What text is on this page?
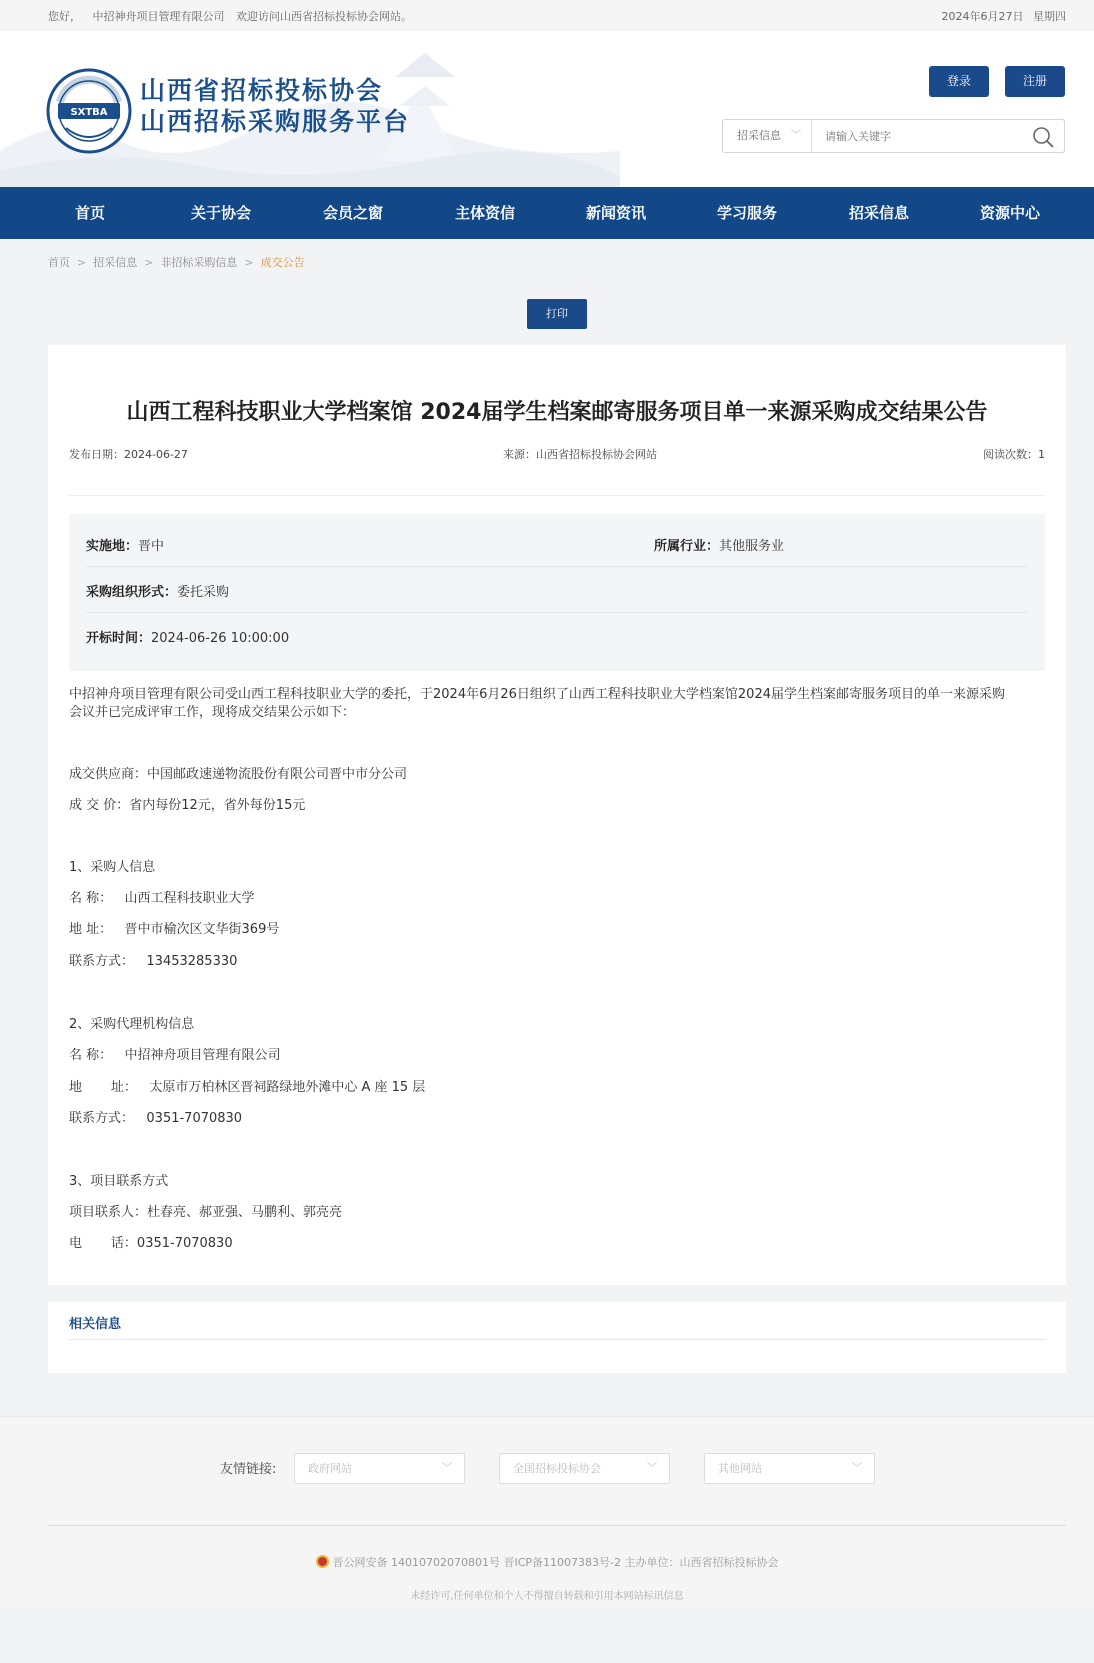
您好， 中招神舟项目管理有限公司 欢迎访问山西省招标投标协会网站。	2024年6月27日 星期四
SXTBA
山西省招标投标协会
山西招标采购服务平台
登录	注册
招采信息 ﹀
请输入关键字
首页	关于协会	会员之窗	主体资信	新闻资讯	学习服务	招采信息	资源中心
首页 > 招采信息 > 非招标采购信息 > 成交公告
打印
山西工程科技职业大学档案馆 2024届学生档案邮寄服务项目单一来源采购成交结果公告
发布日期：2024-06-27	来源：山西省招标投标协会网站	阅读次数：1
实施地：晋中	所属行业：其他服务业
采购组织形式：委托采购
开标时间：2024-06-26 10:00:00
中招神舟项目管理有限公司受山西工程科技职业大学的委托，于2024年6月26日组织了山西工程科技职业大学档案馆2024届学生档案邮寄服务项目的单一来源采购
会议并已完成评审工作，现将成交结果公示如下：
成交供应商：中国邮政速递物流股份有限公司晋中市分公司
成 交 价：省内每份12元，省外每份15元
1、采购人信息
名 称：   山西工程科技职业大学
地 址：   晋中市榆次区文华街369号
联系方式：   13453285330
2、采购代理机构信息
名 称：   中招神舟项目管理有限公司
地       址：   太原市万柏林区晋祠路绿地外滩中心 A 座 15 层
联系方式：   0351-7070830
3、项目联系方式
项目联系人：杜春亮、郝亚强、马鹏利、郭亮亮
电       话：0351-7070830
相关信息
友情链接:	政府网站	﹀	全国招标投标协会	﹀	其他网站	﹀
晋公网安备 14010702070801号 晋ICP备11007383号-2 主办单位：山西省招标投标协会
未经许可,任何单位和个人不得擅自转载和引用本网站标讯信息
